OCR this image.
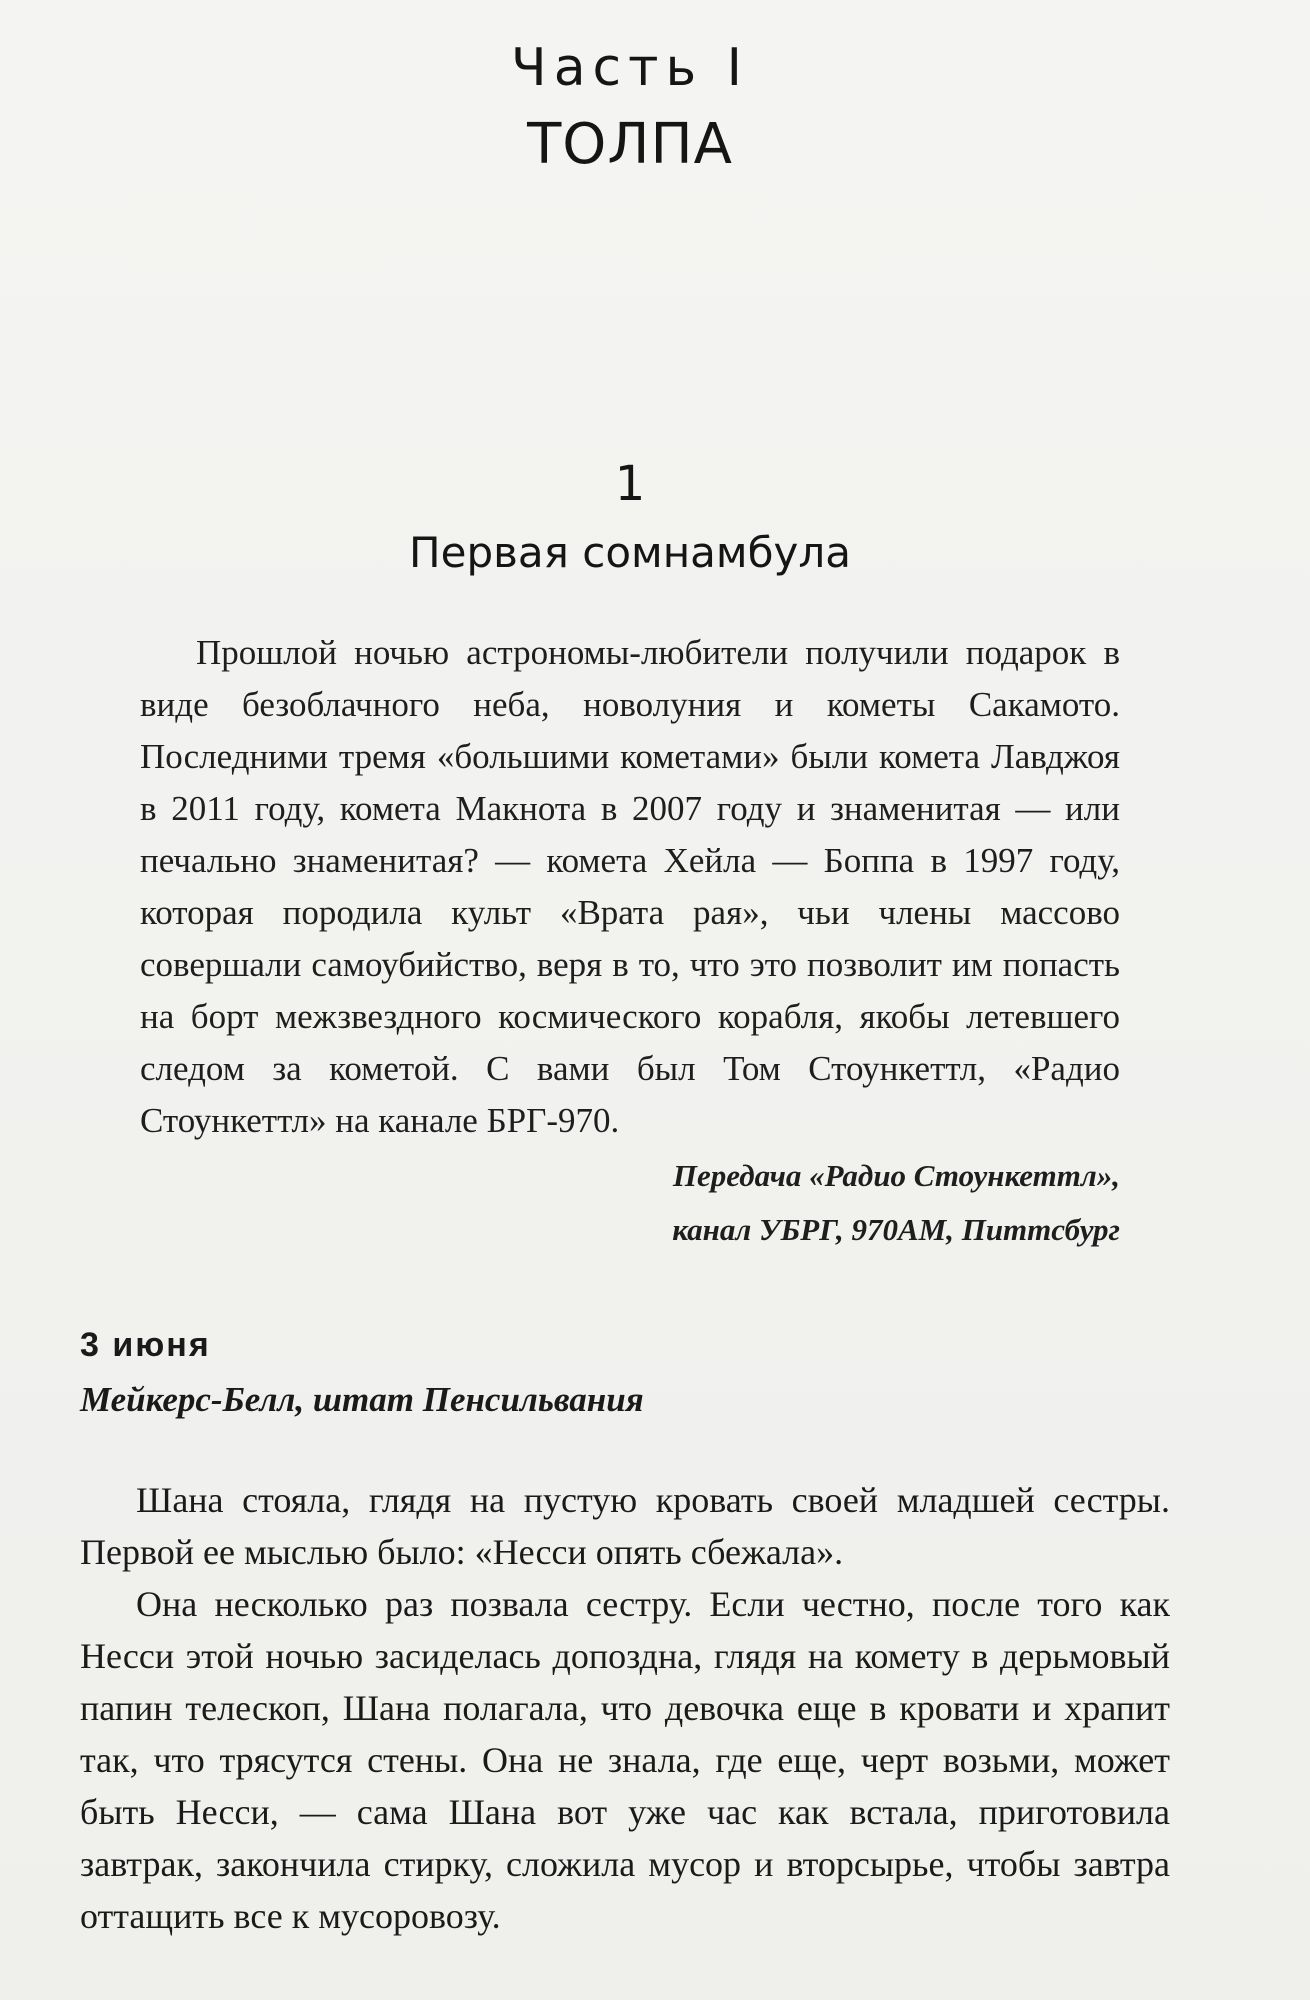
Часть I
ТОЛПА
1
Первая сомнамбула

Прошлой ночью астрономы-любители получили подарок в виде безоблачного неба, новолуния и кометы Сакамото. Последними тремя «большими кометами» были комета Лавджоя в 2011 году, комета Макнота в 2007 году и знаменитая — или печально знаменитая? — комета Хейла — Боппа в 1997 году, которая породила культ «Врата рая», чьи члены массово совершали самоубийство, веря в то, что это позволит им попасть на борт межзвездного космического корабля, якобы летевшего следом за кометой. С вами был Том Стоункеттл, «Радио Стоункеттл» на канале БРГ-970.

Передача «Радио Стоункеттл»,
канал УБРГ, 970АМ, Питтсбург

3 июня
Мейкерс-Белл, штат Пенсильвания

Шана стояла, глядя на пустую кровать своей младшей сестры. Первой ее мыслью было: «Несси опять сбежала».

Она несколько раз позвала сестру. Если честно, после того как Несси этой ночью засиделась допоздна, глядя на комету в дерьмовый папин телескоп, Шана полагала, что девочка еще в кровати и храпит так, что трясутся стены. Она не знала, где еще, черт возьми, может быть Несси, — сама Шана вот уже час как встала, приготовила завтрак, закончила стирку, сложила мусор и вторсырье, чтобы завтра оттащить все к мусоровозу.
